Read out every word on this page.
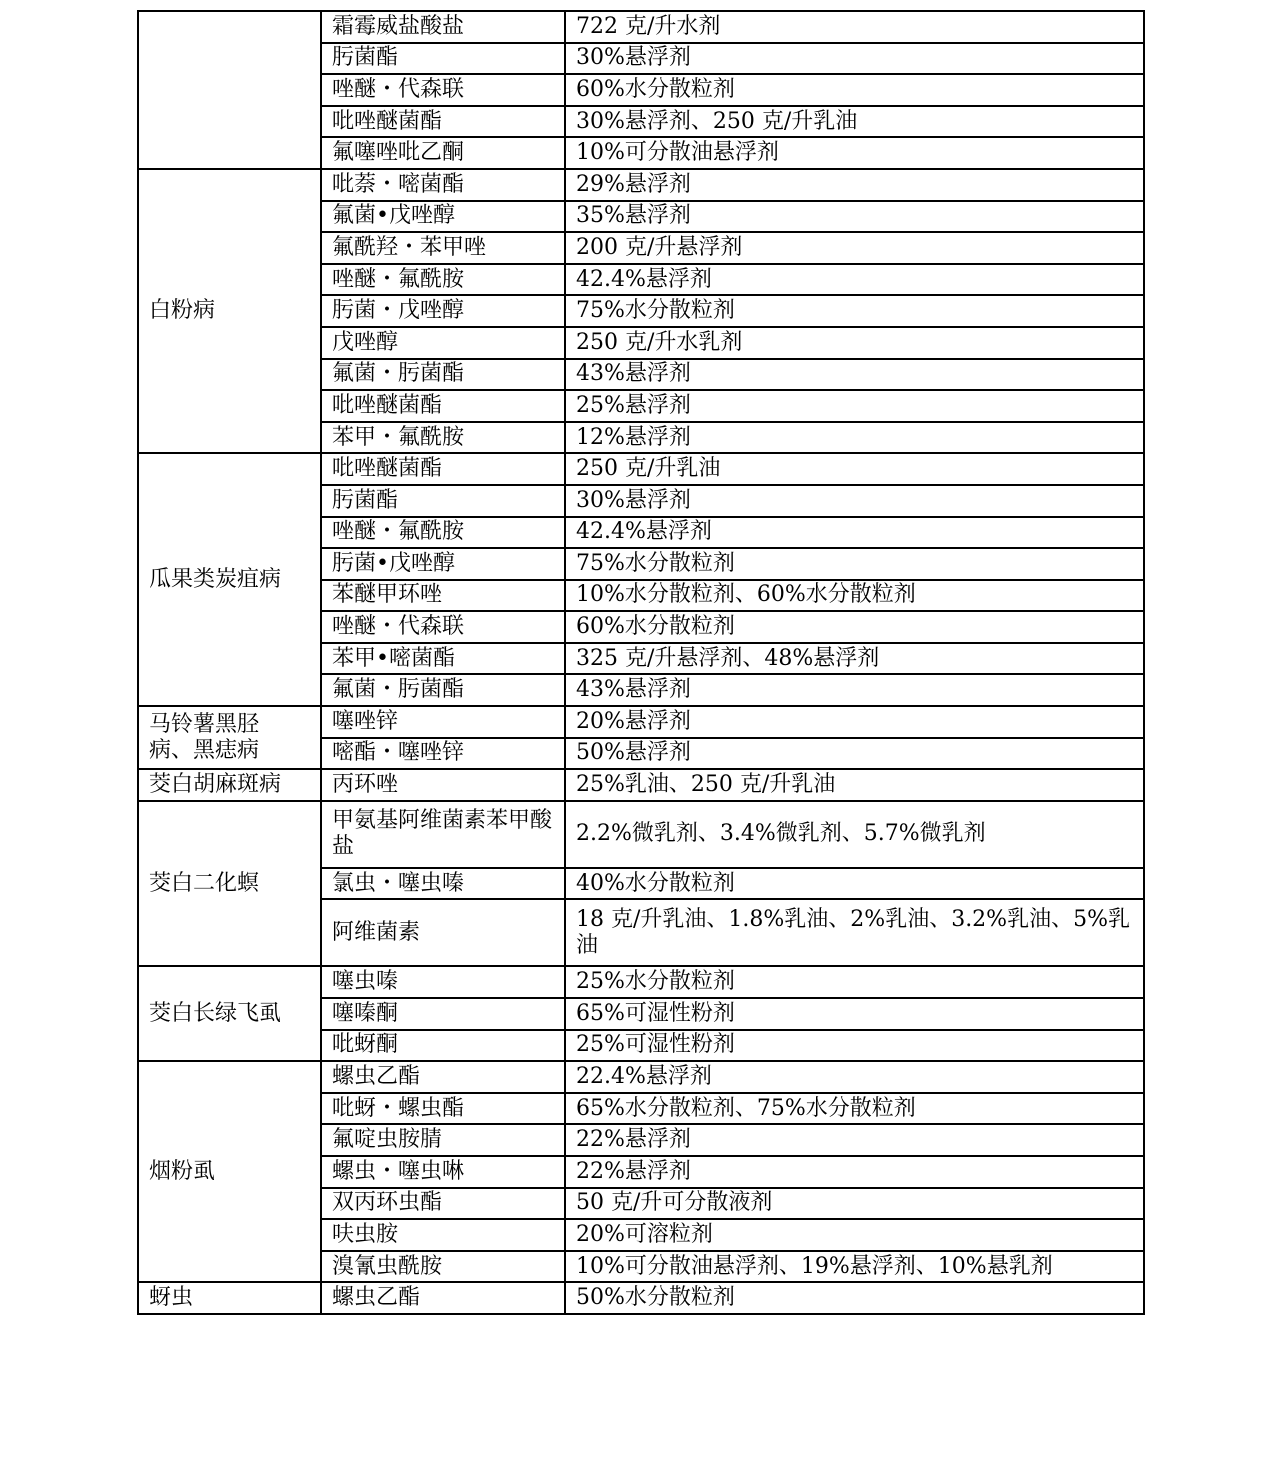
	霜霉威盐酸盐	722 克/升水剂
	肟菌酯	30%悬浮剂
	唑醚・代森联	60%水分散粒剂
	吡唑醚菌酯	30%悬浮剂、250 克/升乳油
	氟噻唑吡乙酮	10%可分散油悬浮剂
白粉病	吡萘・嘧菌酯	29%悬浮剂
	氟菌•戊唑醇	35%悬浮剂
	氟酰羟・苯甲唑	200 克/升悬浮剂
	唑醚・氟酰胺	42.4%悬浮剂
	肟菌・戊唑醇	75%水分散粒剂
	戊唑醇	250 克/升水乳剂
	氟菌・肟菌酯	43%悬浮剂
	吡唑醚菌酯	25%悬浮剂
	苯甲・氟酰胺	12%悬浮剂
瓜果类炭疽病	吡唑醚菌酯	250 克/升乳油
	肟菌酯	30%悬浮剂
	唑醚・氟酰胺	42.4%悬浮剂
	肟菌•戊唑醇	75%水分散粒剂
	苯醚甲环唑	10%水分散粒剂、60%水分散粒剂
	唑醚・代森联	60%水分散粒剂
	苯甲•嘧菌酯	325 克/升悬浮剂、48%悬浮剂
	氟菌・肟菌酯	43%悬浮剂
马铃薯黑胫
病、黑痣病	噻唑锌	20%悬浮剂
	嘧酯・噻唑锌	50%悬浮剂
茭白胡麻斑病	丙环唑	25%乳油、250 克/升乳油
茭白二化螟	甲氨基阿维菌素苯甲酸盐	2.2%微乳剂、3.4%微乳剂、5.7%微乳剂
	氯虫・噻虫嗪	40%水分散粒剂
	阿维菌素	18 克/升乳油、1.8%乳油、2%乳油、3.2%乳油、5%乳油
茭白长绿飞虱	噻虫嗪	25%水分散粒剂
	噻嗪酮	65%可湿性粉剂
	吡蚜酮	25%可湿性粉剂
烟粉虱	螺虫乙酯	22.4%悬浮剂
	吡蚜・螺虫酯	65%水分散粒剂、75%水分散粒剂
	氟啶虫胺腈	22%悬浮剂
	螺虫・噻虫啉	22%悬浮剂
	双丙环虫酯	50 克/升可分散液剂
	呋虫胺	20%可溶粒剂
	溴氰虫酰胺	10%可分散油悬浮剂、19%悬浮剂、10%悬乳剂
蚜虫	螺虫乙酯	50%水分散粒剂
